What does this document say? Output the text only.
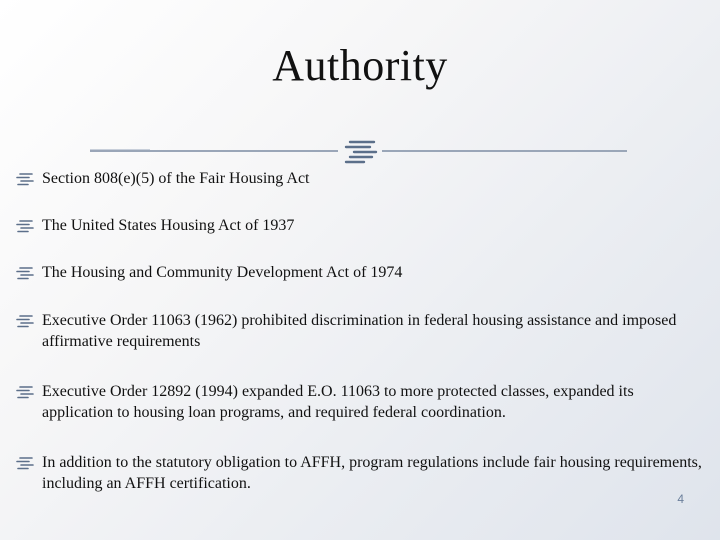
Authority
Section 808(e)(5) of the Fair Housing Act
The United States Housing Act of 1937
The Housing and Community Development Act of 1974
Executive Order 11063 (1962) prohibited discrimination in federal housing assistance and imposed affirmative requirements
Executive Order 12892 (1994) expanded E.O. 11063 to more protected classes, expanded its application to housing loan programs, and required federal coordination.
In addition to the statutory obligation to AFFH, program regulations include fair housing requirements, including an AFFH certification.
4
